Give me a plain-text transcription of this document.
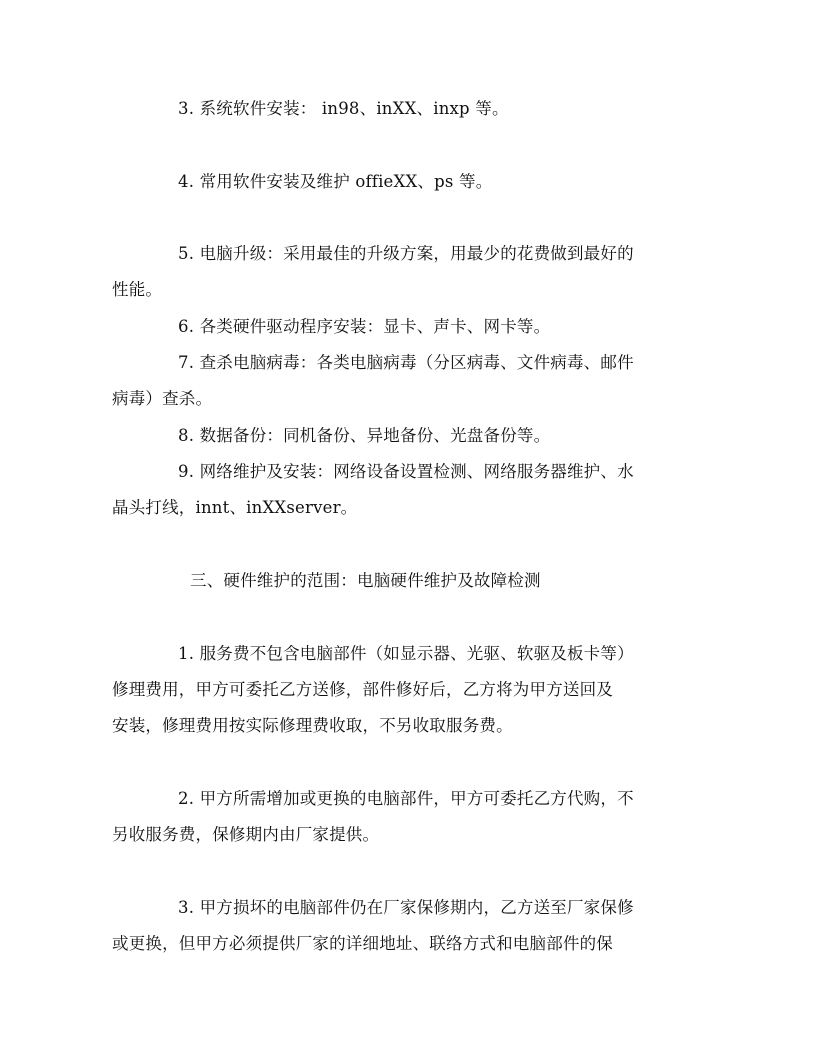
3. 系统软件安装： in98、inXX、inxp 等。
4. 常用软件安装及维护 offieXX、ps 等。
5. 电脑升级：采用最佳的升级方案，用最少的花费做到最好的
性能。
6. 各类硬件驱动程序安装：显卡、声卡、网卡等。
7. 查杀电脑病毒：各类电脑病毒（分区病毒、文件病毒、邮件
病毒）查杀。
8. 数据备份：同机备份、异地备份、光盘备份等。
9. 网络维护及安装：网络设备设置检测、网络服务器维护、水
晶头打线，innt、inXXserver。
三、硬件维护的范围：电脑硬件维护及故障检测
1. 服务费不包含电脑部件（如显示器、光驱、软驱及板卡等）
修理费用，甲方可委托乙方送修，部件修好后，乙方将为甲方送回及
安装，修理费用按实际修理费收取，不另收取服务费。
2. 甲方所需增加或更换的电脑部件，甲方可委托乙方代购，不
另收服务费，保修期内由厂家提供。
3. 甲方损坏的电脑部件仍在厂家保修期内，乙方送至厂家保修
或更换，但甲方必须提供厂家的详细地址、联络方式和电脑部件的保
